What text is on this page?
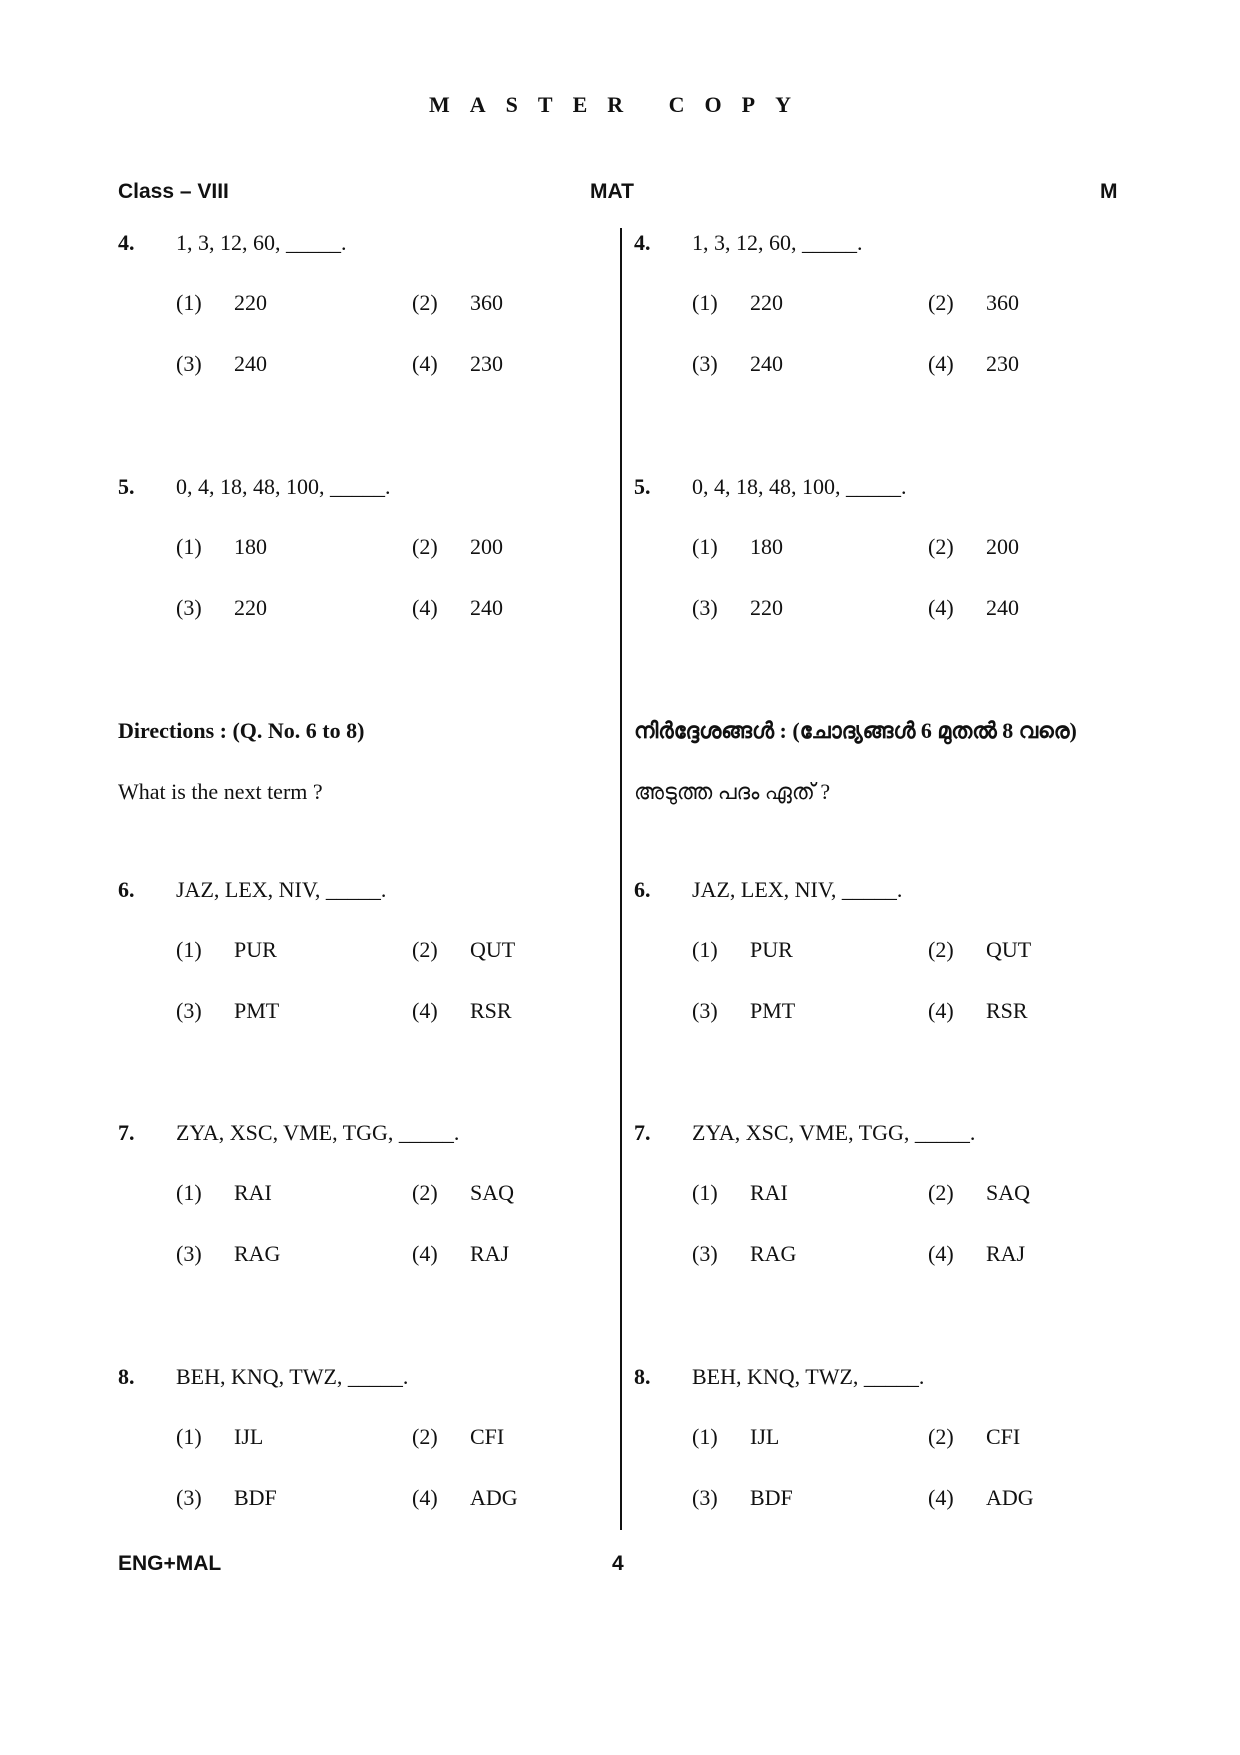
MASTER COPY
Class – VIII	MAT	M
4. 1, 3, 12, 60, _____.
(1) 220	(2) 360
(3) 240	(4) 230
5. 0, 4, 18, 48, 100, _____.
(1) 180	(2) 200
(3) 220	(4) 240
Directions : (Q. No. 6 to 8)
What is the next term ?
6. JAZ, LEX, NIV, _____.
(1) PUR	(2) QUT
(3) PMT	(4) RSR
7. ZYA, XSC, VME, TGG, _____.
(1) RAI	(2) SAQ
(3) RAG	(4) RAJ
8. BEH, KNQ, TWZ, _____.
(1) IJL	(2) CFI
(3) BDF	(4) ADG
4. 1, 3, 12, 60, _____.
(1) 220	(2) 360
(3) 240	(4) 230
5. 0, 4, 18, 48, 100, _____.
(1) 180	(2) 200
(3) 220	(4) 240
നിർദ്ദേശങ്ങൾ : (ചോദ്യങ്ങൾ 6 മുതൽ 8 വരെ)
അടുത്ത പദം ഏത് ?
6. JAZ, LEX, NIV, _____.
(1) PUR	(2) QUT
(3) PMT	(4) RSR
7. ZYA, XSC, VME, TGG, _____.
(1) RAI	(2) SAQ
(3) RAG	(4) RAJ
8. BEH, KNQ, TWZ, _____.
(1) IJL	(2) CFI
(3) BDF	(4) ADG
ENG+MAL	4
